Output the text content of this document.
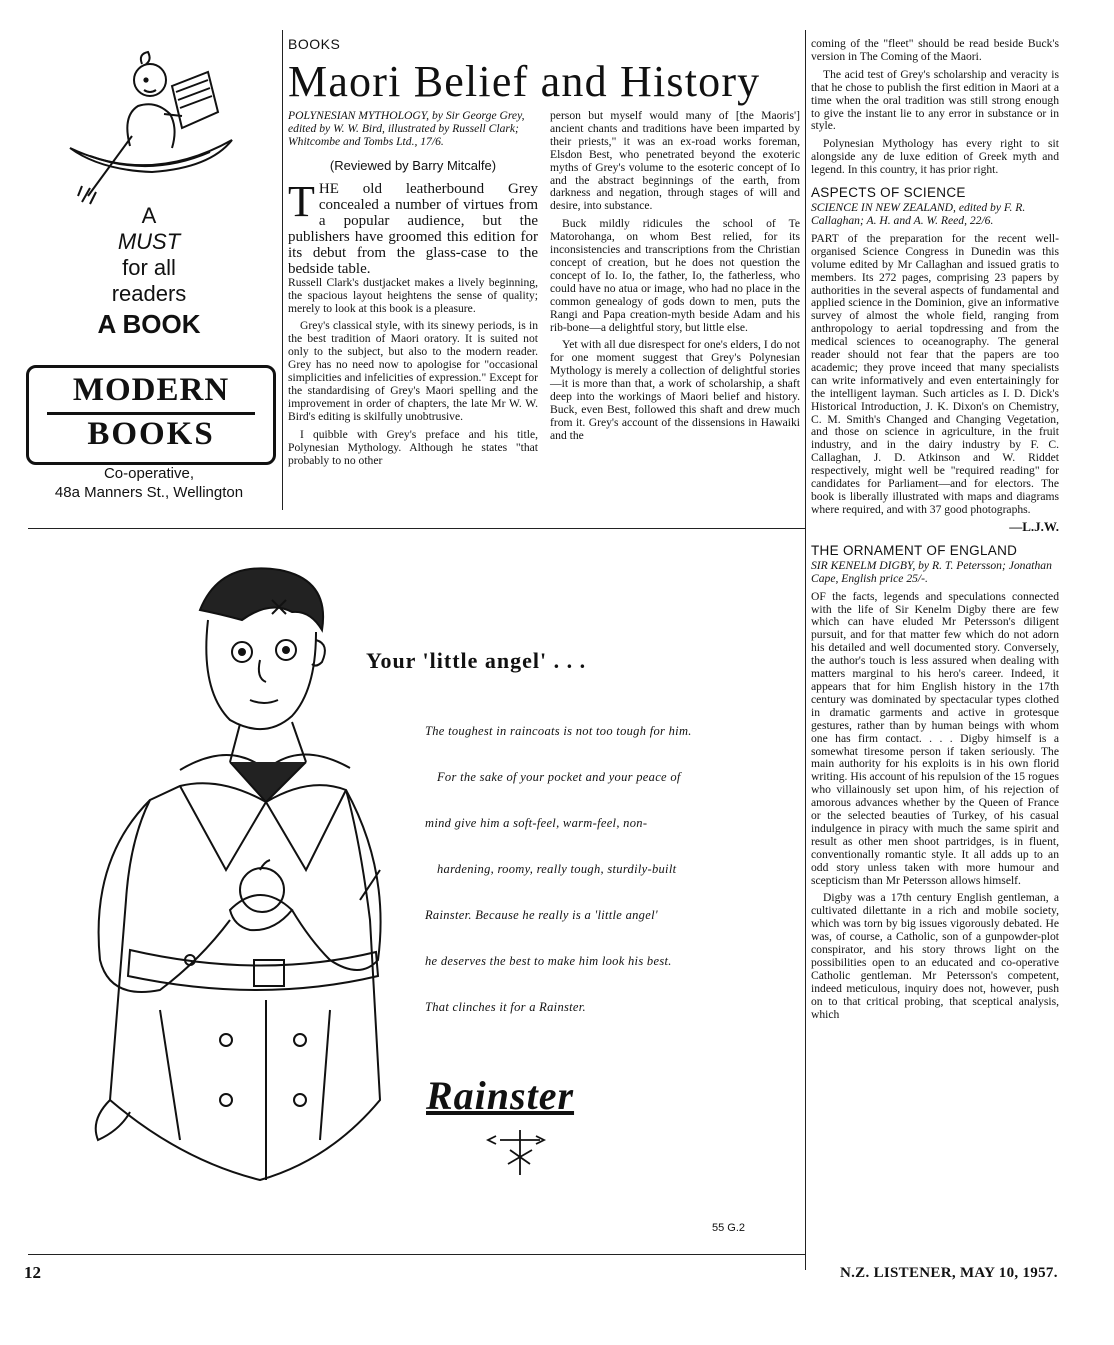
A
MUST
for all
readers
A BOOK
MODERN
BOOKS
Co-operative,
48a Manners St., Wellington
BOOKS
Maori Belief and History

POLYNESIAN MYTHOLOGY, by Sir George Grey, edited by W. W. Bird, illustrated by Russell Clark; Whitcombe and Tombs Ltd., 17/6.

(Reviewed by Barry Mitcalfe)

THE old leatherbound Grey concealed a number of virtues from a popular audience, but the publishers have groomed this edition for its debut from the glass-case to the bedside table.

Russell Clark's dustjacket makes a lively beginning, the spacious layout heightens the sense of quality; merely to look at this book is a pleasure.

Grey's classical style, with its sinewy periods, is in the best tradition of Maori oratory. It is suited not only to the subject, but also to the modern reader. Grey has no need now to apologise for "occasional simplicities and infelicities of expression." Except for the standardising of Grey's Maori spelling and the improvement in order of chapters, the late Mr W. W. Bird's editing is skilfully unobtrusive.

I quibble with Grey's preface and his title, Polynesian Mythology. Although he states "that probably to no other

person but myself would many of [the Maoris'] ancient chants and traditions have been imparted by their priests," it was an ex-road works foreman, Elsdon Best, who penetrated beyond the exoteric myths of Grey's volume to the esoteric concept of Io and the abstract beginnings of the earth, from darkness and negation, through stages of will and desire, into substance.

Buck mildly ridicules the school of Te Matorohanga, on whom Best relied, for its inconsistencies and transcriptions from the Christian concept of creation, but he does not question the concept of Io. Io, the father, Io, the fatherless, who could have no atua or image, who had no place in the common genealogy of gods down to men, puts the Rangi and Papa creation-myth beside Adam and his rib-bone—a delightful story, but little else.

Yet with all due disrespect for one's elders, I do not for one moment suggest that Grey's Polynesian Mythology is merely a collection of delightful stories—it is more than that, a work of scholarship, a shaft deep into the workings of Maori belief and history. Buck, even Best, followed this shaft and drew much from it. Grey's account of the dissensions in Hawaiki and the

coming of the "fleet" should be read beside Buck's version in The Coming of the Maori.

The acid test of Grey's scholarship and veracity is that he chose to publish the first edition in Maori at a time when the oral tradition was still strong enough to give the instant lie to any error in substance or in style.

Polynesian Mythology has every right to sit alongside any de luxe edition of Greek myth and legend. In this country, it has prior right.

ASPECTS OF SCIENCE

SCIENCE IN NEW ZEALAND, edited by F. R. Callaghan; A. H. and A. W. Reed, 22/6.

PART of the preparation for the recent well-organised Science Congress in Dunedin was this volume edited by Mr Callaghan and issued gratis to members. Its 272 pages, comprising 23 papers by authorities in the several aspects of fundamental and applied science in the Dominion, give an informative survey of almost the whole field, ranging from anthropology to aerial topdressing and from the medical sciences to oceanography. The general reader should not fear that the papers are too academic; they prove inceed that many specialists can write informatively and even entertainingly for the intelligent layman. Such articles as I. D. Dick's Historical Introduction, J. K. Dixon's on Chemistry, C. M. Smith's Changed and Changing Vegetation, and those on science in agriculture, in the fruit industry, and in the dairy industry by F. C. Callaghan, J. D. Atkinson and W. Riddet respectively, might well be "required reading" for candidates for Parliament—and for electors. The book is liberally illustrated with maps and diagrams where required, and with 37 good photographs.

—L.J.W.
THE ORNAMENT OF ENGLAND

SIR KENELM DIGBY, by R. T. Petersson; Jonathan Cape, English price 25/-.

OF the facts, legends and speculations connected with the life of Sir Kenelm Digby there are few which can have eluded Mr Petersson's diligent pursuit, and for that matter few which do not adorn his detailed and well documented story. Conversely, the author's touch is less assured when dealing with matters marginal to his hero's career. Indeed, it appears that for him English history in the 17th century was dominated by spectacular types clothed in dramatic garments and active in grotesque gestures, rather than by human beings with whom one has firm contact. . . . Digby himself is a somewhat tiresome person if taken seriously. The main authority for his exploits is in his own florid writing. His account of his repulsion of the 15 rogues who villainously set upon him, of his rejection of amorous advances whether by the Queen of France or the selected beauties of Turkey, of his casual indulgence in piracy with much the same spirit and result as other men shoot partridges, is in fluent, conventionally romantic style. It all adds up to an odd story unless taken with more humour and scepticism than Mr Petersson allows himself.

Digby was a 17th century English gentleman, a cultivated dilettante in a rich and mobile society, which was torn by big issues vigorously debated. He was, of course, a Catholic, son of a gunpowder-plot conspirator, and his story throws light on the possibilities open to an educated and co-operative Catholic gentleman. Mr Petersson's competent, indeed meticulous, inquiry does not, however, push on to that critical probing, that sceptical analysis, which

Your 'little angel' . . .

The toughest in raincoats is not too tough for him.

For the sake of your pocket and your peace of

mind give him a soft-feel, warm-feel, non-

hardening, roomy, really tough, sturdily-built

Rainster. Because he really is a 'little angel'

he deserves the best to make him look his best.

That clinches it for a Rainster.

Rainster
55 G.2
12	N.Z. LISTENER, MAY 10, 1957.
